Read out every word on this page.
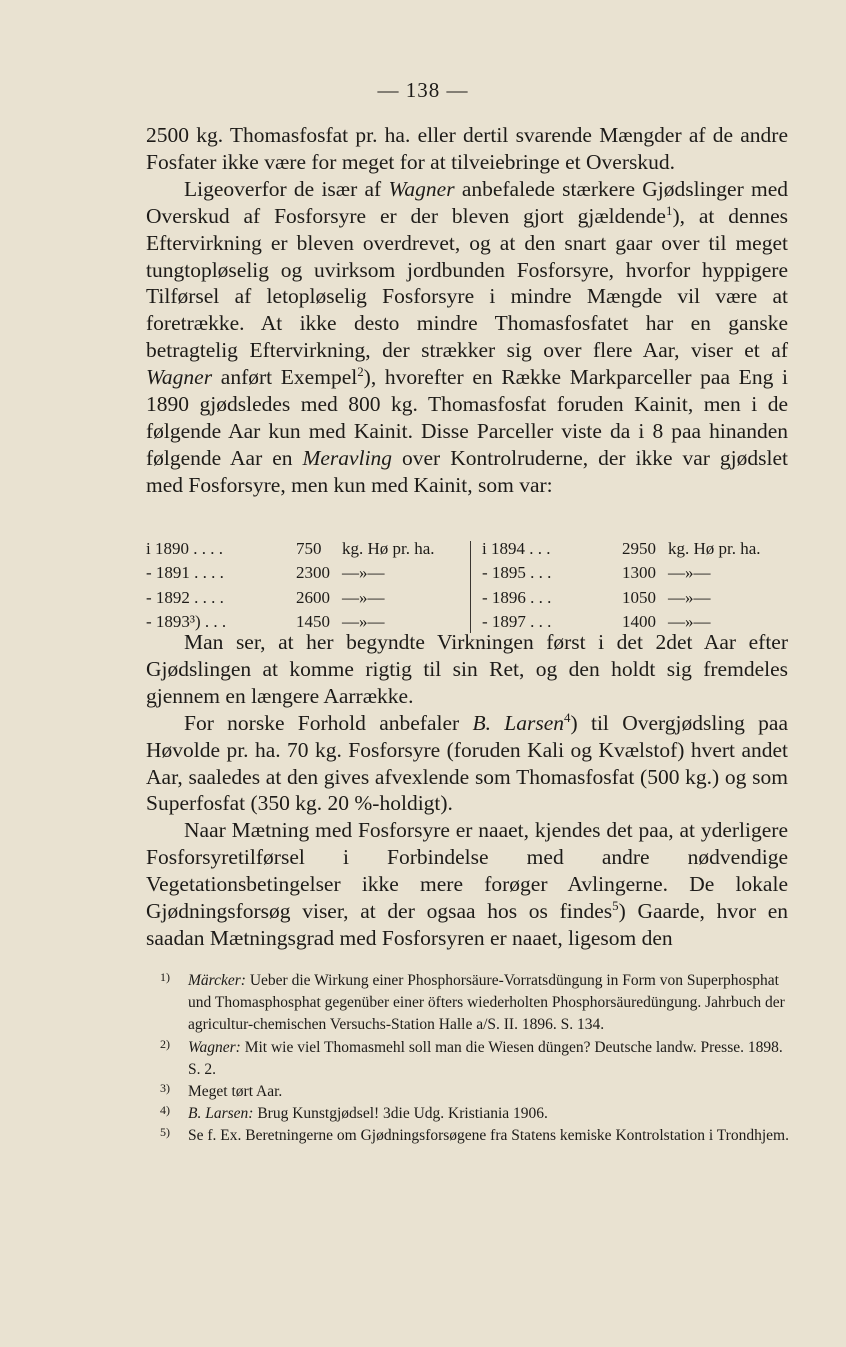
— 138 —

2500 kg. Thomasfosfat pr. ha. eller dertil svarende Mængder af de andre Fosfater ikke være for meget for at tilveiebringe et Overskud.

Ligeoverfor de især af Wagner anbefalede stærkere Gjødslinger med Overskud af Fosforsyre er der bleven gjort gjældende$^1$), at dennes Eftervirkning er bleven overdrevet, og at den snart gaar over til meget tungtopløselig og uvirksom jordbunden Fosforsyre, hvorfor hyppigere Tilførsel af letopløselig Fosforsyre i mindre Mængde vil være at foretrække. At ikke desto mindre Thomasfosfatet har en ganske betragtelig Eftervirkning, der strækker sig over flere Aar, viser et af Wagner anført Exempel$^2$), hvorefter en Række Markparceller paa Eng i 1890 gjødsledes med 800 kg. Thomasfosfat foruden Kainit, men i de følgende Aar kun med Kainit. Disse Parceller viste da i 8 paa hinanden følgende Aar en Meravling over Kontrolruderne, der ikke var gjødslet med Fosforsyre, men kun med Kainit, som var:

i 1890 . . . .	750 kg. Hø pr. ha.
- 1891 . . . .	2300 —»—
- 1892 . . . .	2600 —»—
- 1893³) . . .	1450 —»—
i 1894 . . .	2950 kg. Hø pr. ha.
- 1895 . . .	1300 —»—
- 1896 . . .	1050 —»—
- 1897 . . .	1400 —»—

Man ser, at her begyndte Virkningen først i det 2det Aar efter Gjødslingen at komme rigtig til sin Ret, og den holdt sig fremdeles gjennem en længere Aarrække.

For norske Forhold anbefaler B. Larsen$^4$) til Overgjødsling paa Høvolde pr. ha. 70 kg. Fosforsyre (foruden Kali og Kvælstof) hvert andet Aar, saaledes at den gives afvexlende som Thomasfosfat (500 kg.) og som Superfosfat (350 kg. 20 %-holdigt).

Naar Mætning med Fosforsyre er naaet, kjendes det paa, at yderligere Fosforsyretilførsel i Forbindelse med andre nødvendige Vegetationsbetingelser ikke mere forøger Avlingerne. De lokale Gjødningsforsøg viser, at der ogsaa hos os findes$^5$) Gaarde, hvor en saadan Mætningsgrad med Fosforsyren er naaet, ligesom den

1) Märcker: Ueber die Wirkung einer Phosphorsäure-Vorratsdüngung in Form von Superphosphat und Thomasphosphat gegenüber einer öfters wiederholten Phosphorsäuredüngung. Jahrbuch der agricultur-chemischen Versuchs-Station Halle a/S. II. 1896. S. 134.
2) Wagner: Mit wie viel Thomasmehl soll man die Wiesen düngen? Deutsche landw. Presse. 1898. S. 2.
3) Meget tørt Aar.
4) B. Larsen: Brug Kunstgjødsel! 3die Udg. Kristiania 1906.
5) Se f. Ex. Beretningerne om Gjødningsforsøgene fra Statens kemiske Kontrolstation i Trondhjem.
